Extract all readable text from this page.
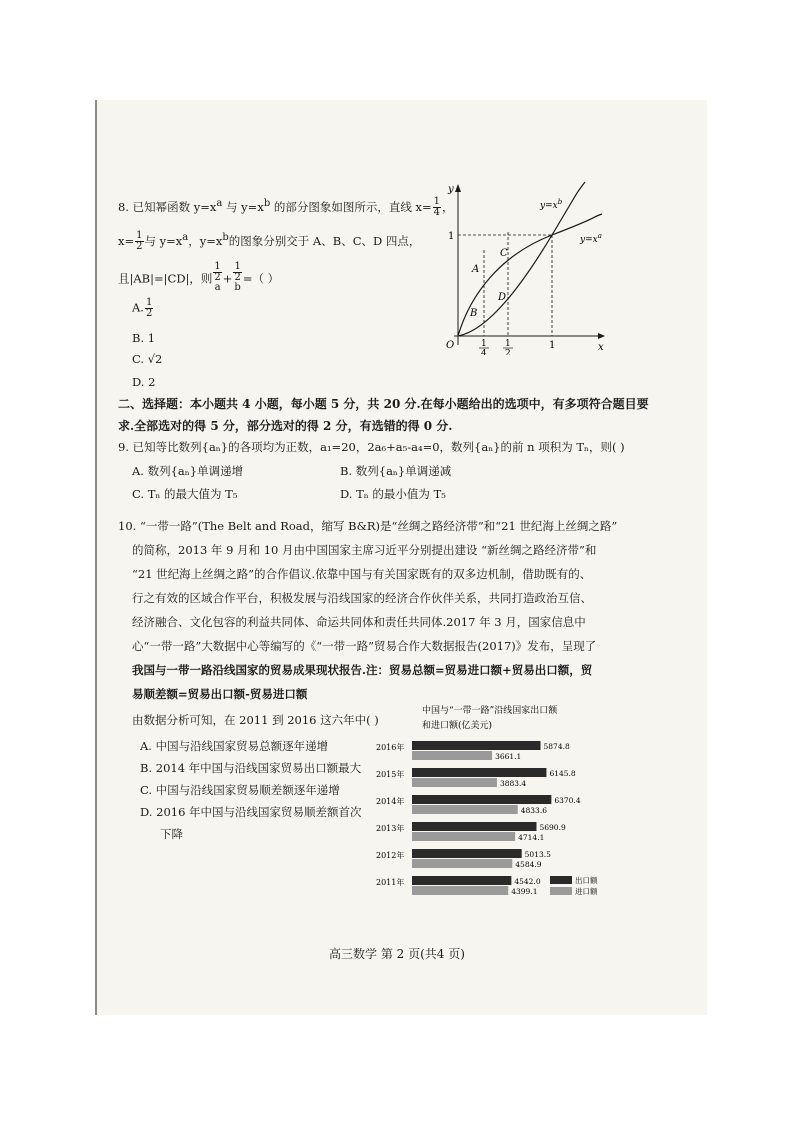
8. 已知幂函数 $y=x^a$ 与 $y=x^b$ 的部分图象如图所示，直线 $x= \frac{1}{4}$ ，
$x= \frac{1}{2}$ 与 $y=x^a$，$y=x^b$的图象分别交于 A、B、C、D 四点，
且|AB|=|CD|，则 1
2
$^a$ + 1
2
$^b$ =（ ）
A. $\frac{1}{2}$
B. 1
C. √2
D. 2
y
x
O
1
1
1
4
1
2
$y=x^b$
$y=x^a$
A
B
C
D
二、选择题：本小题共 4 小题，每小题 5 分，共 20 分.在每小题给出的选项中，有多项符合题目要
求.全部选对的得 5 分，部分选对的得 2 分，有选错的得 0 分.
9. 已知等比数列{aₙ}的各项均为正数，a₁=20，2a₆+a₅-a₄=0，数列{aₙ}的前 n 项积为 Tₙ，则( )
A. 数列{aₙ}单调递增	B. 数列{aₙ}单调递减
C. Tₙ 的最大值为 T₅	D. Tₙ 的最小值为 T₅
10. “一带一路”(The Belt and Road，缩写 B&R)是“丝绸之路经济带”和“21 世纪海上丝绸之路”
的简称，2013 年 9 月和 10 月由中国国家主席习近平分别提出建设 “新丝绸之路经济带”和
“21 世纪海上丝绸之路”的合作倡议.依靠中国与有关国家既有的双多边机制，借助既有的、
行之有效的区域合作平台，积极发展与沿线国家的经济合作伙伴关系，共同打造政治互信、
经济融合、文化包容的利益共同体、命运共同体和责任共同体.2017 年 3 月，国家信息中
心“一带一路”大数据中心等编写的《“一带一路”贸易合作大数据报告(2017)》发布，呈现了
我国与一带一路沿线国家的贸易成果现状报告.注：贸易总额=贸易进口额+贸易出口额，贸
易顺差额=贸易出口额-贸易进口额
由数据分析可知，在 2011 到 2016 这六年中( )
A. 中国与沿线国家贸易总额逐年递增
B. 2014 年中国与沿线国家贸易出口额最大
C. 中国与沿线国家贸易顺差额逐年递增
D. 2016 年中国与沿线国家贸易顺差额首次
下降
中国与“一带一路”沿线国家出口额
和进口额(亿美元)
2016年	5874.8
3661.1
2015年	6145.8
3883.4
2014年	6370.4
4833.6
2013年	5690.9
4714.1
2012年	5013.5
4584.9
2011年	4542.0
4399.1
出口额
进口额
高三数学 第 2 页(共4 页)
